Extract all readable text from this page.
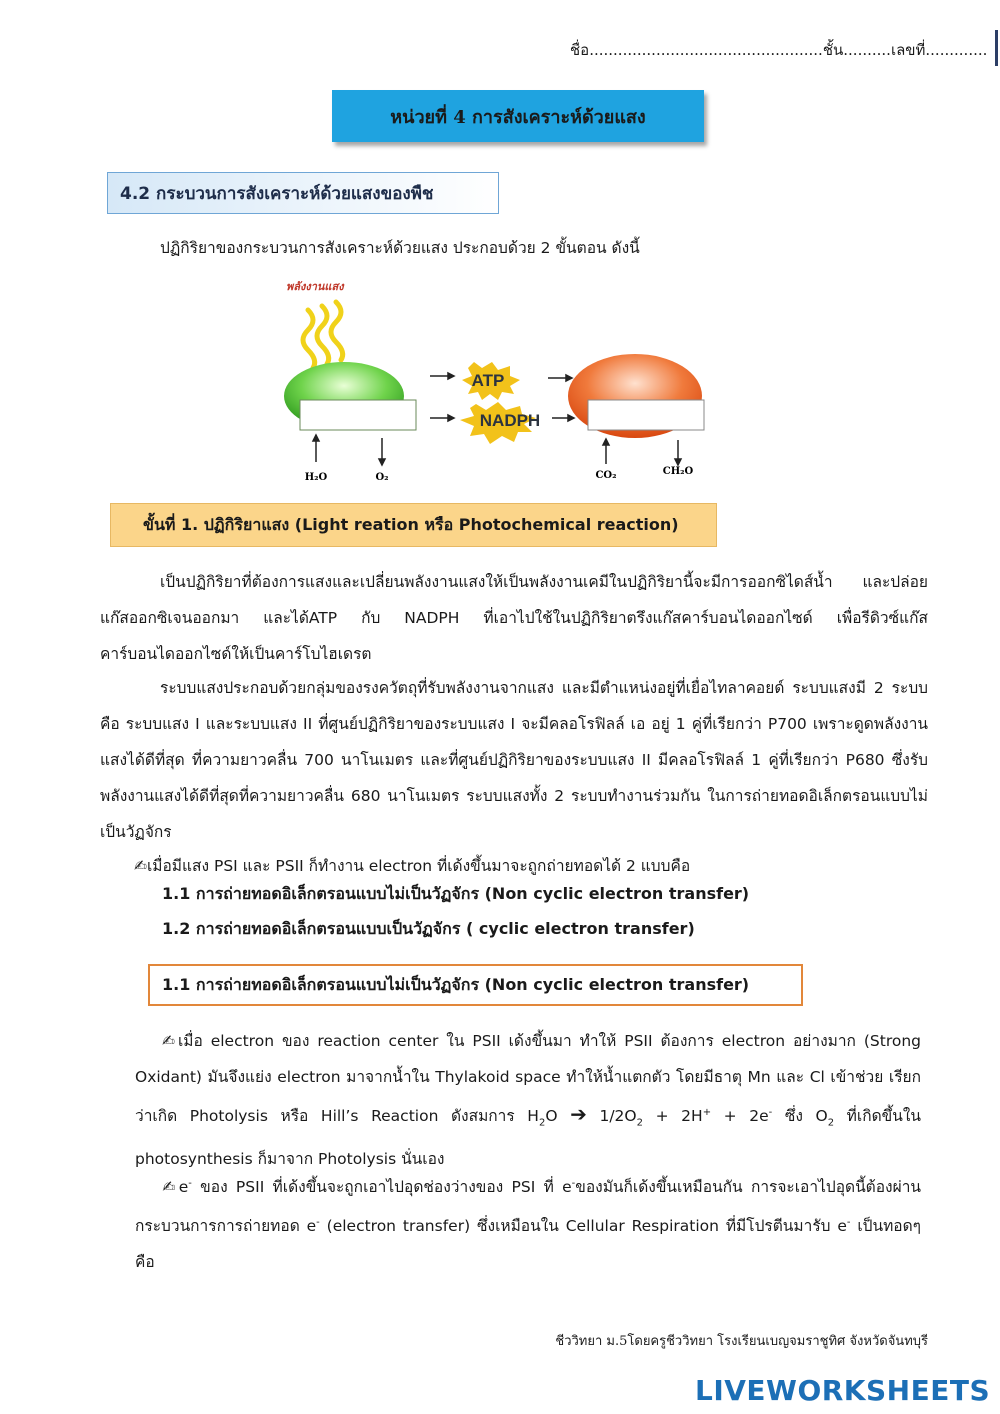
ชื่อ.................................................ชั้น..........เลขที่.............
หน่วยที่ 4 การสังเคราะห์ด้วยแสง
4.2 กระบวนการสังเคราะห์ด้วยแสงของพืช
ปฏิกิริยาของกระบวนการสังเคราะห์ด้วยแสง ประกอบด้วย 2 ขั้นตอน ดังนี้
พลังงานแสง
ATP
NADPH
H₂O	O₂	CO₂	CH₂O
ขั้นที่ 1. ปฏิกิริยาแสง (Light reation หรือ Photochemical reaction)
เป็นปฏิกิริยาที่ต้องการแสงและเปลี่ยนพลังงานแสงให้เป็นพลังงานเคมีในปฏิกิริยานี้จะมีการออกซิไดส์น้ำ และปล่อยแก๊สออกซิเจนออกมา และได้ATP กับ NADPH ที่เอาไปใช้ในปฏิกิริยาตรึงแก๊สคาร์บอนไดออกไซด์ เพื่อรีดิวซ์แก๊สคาร์บอนไดออกไซด์ให้เป็นคาร์โบไฮเดรต
ระบบแสงประกอบด้วยกลุ่มของรงควัตถุที่รับพลังงานจากแสง และมีตำแหน่งอยู่ที่เยื่อไทลาคอยด์ ระบบแสงมี 2 ระบบคือ ระบบแสง I และระบบแสง II ที่ศูนย์ปฏิกิริยาของระบบแสง I จะมีคลอโรฟิลล์ เอ อยู่ 1 คู่ที่เรียกว่า P700 เพราะดูดพลังงานแสงได้ดีที่สุด ที่ความยาวคลื่น 700 นาโนเมตร และที่ศูนย์ปฏิกิริยาของระบบแสง II มีคลอโรฟิลล์ 1 คู่ที่เรียกว่า P680 ซึ่งรับพลังงานแสงได้ดีที่สุดที่ความยาวคลื่น 680 นาโนเมตร ระบบแสงทั้ง 2 ระบบทำงานร่วมกัน ในการถ่ายทอดอิเล็กตรอนแบบไม่เป็นวัฏจักร
✍เมื่อมีแสง PSI และ PSII ก็ทำงาน electron ที่เด้งขึ้นมาจะถูกถ่ายทอดได้ 2 แบบคือ
1.1 การถ่ายทอดอิเล็กตรอนแบบไม่เป็นวัฏจักร (Non cyclic electron transfer)
1.2 การถ่ายทอดอิเล็กตรอนแบบเป็นวัฏจักร ( cyclic electron transfer)
1.1 การถ่ายทอดอิเล็กตรอนแบบไม่เป็นวัฏจักร (Non cyclic electron transfer)
✍เมื่อ electron ของ reaction center ใน PSII เด้งขึ้นมา ทำให้ PSII ต้องการ electron อย่างมาก (Strong Oxidant) มันจึงแย่ง electron มาจากน้ำใน Thylakoid space ทำให้น้ำแตกตัว โดยมีธาตุ Mn และ Cl เข้าช่วย เรียกว่าเกิด Photolysis หรือ Hill’s Reaction ดังสมการ $H_2O$ ➔ $1/2O_2 + 2H^+ + 2e^-$ ซึ่ง $O_2$ ที่เกิดขึ้นใน photosynthesis ก็มาจาก Photolysis นั่นเอง
✍e- ของ PSII ที่เด้งขึ้นจะถูกเอาไปอุดช่องว่างของ PSI ที่ e-ของมันก็เด้งขึ้นเหมือนกัน การจะเอาไปอุดนี้ต้องผ่านกระบวนการการถ่ายทอด e- (electron transfer) ซึ่งเหมือนใน Cellular Respiration ที่มีโปรตีนมารับ e- เป็นทอดๆ คือ
ชีววิทยา ม.5โดยครูชีววิทยา โรงเรียนเบญจมราชูทิศ จังหวัดจันทบุรี
LIVEWORKSHEETS
